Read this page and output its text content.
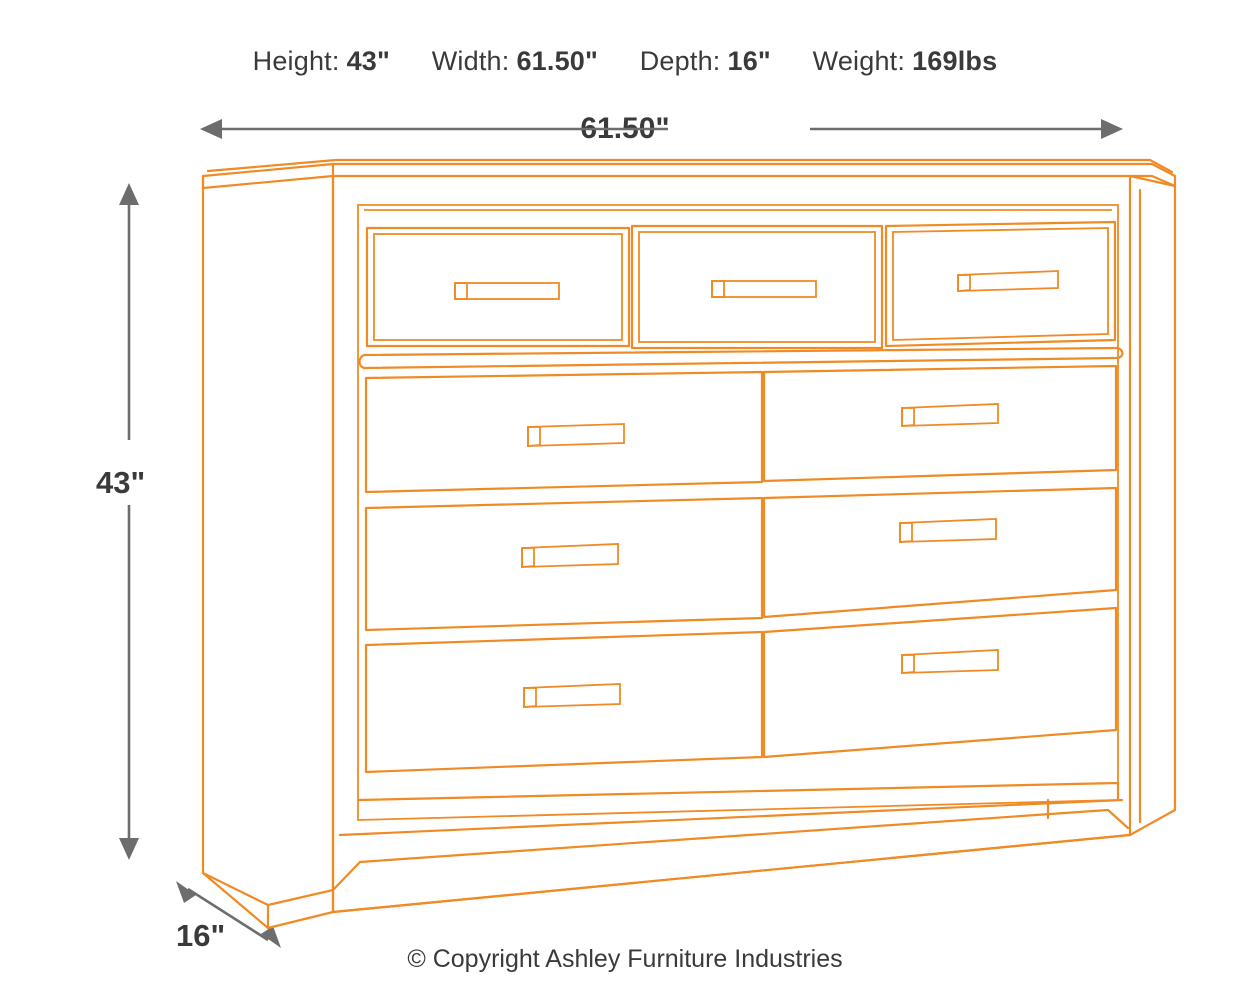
Height: 43" Width: 61.50" Depth: 16" Weight: 169lbs
61.50"
43"
16"
© Copyright Ashley Furniture Industries
